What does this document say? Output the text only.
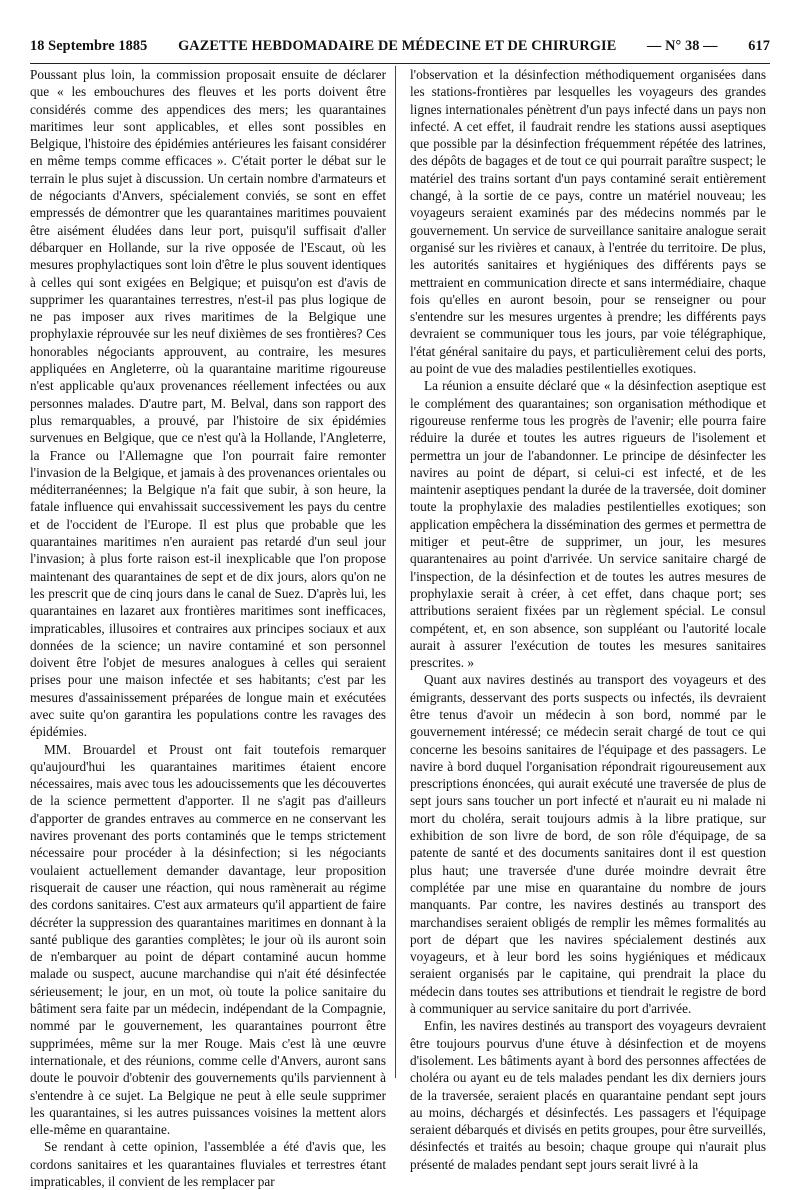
18 Septembre 1885 GAZETTE HEBDOMADAIRE DE MÉDECINE ET DE CHIRURGIE — N° 38 — 617

Poussant plus loin, la commission proposait ensuite de déclarer que « les embouchures des fleuves et les ports doivent être considérés comme des appendices des mers; les quarantaines maritimes leur sont applicables, et elles sont possibles en Belgique, l'histoire des épidémies antérieures les faisant considérer en même temps comme efficaces ». C'était porter le débat sur le terrain le plus sujet à discussion. Un certain nombre d'armateurs et de négociants d'Anvers, spécialement conviés, se sont en effet empressés de démontrer que les quarantaines maritimes pouvaient être aisément éludées dans leur port, puisqu'il suffisait d'aller débarquer en Hollande, sur la rive opposée de l'Escaut, où les mesures prophylactiques sont loin d'être le plus souvent identiques à celles qui sont exigées en Belgique; et puisqu'on est d'avis de supprimer les quarantaines terrestres, n'est-il pas plus logique de ne pas imposer aux rives maritimes de la Belgique une prophylaxie réprouvée sur les neuf dixièmes de ses frontières? Ces honorables négociants approuvent, au contraire, les mesures appliquées en Angleterre, où la quarantaine maritime rigoureuse n'est applicable qu'aux provenances réellement infectées ou aux personnes malades. D'autre part, M. Belval, dans son rapport des plus remarquables, a prouvé, par l'histoire de six épidémies survenues en Belgique, que ce n'est qu'à la Hollande, l'Angleterre, la France ou l'Allemagne que l'on pourrait faire remonter l'invasion de la Belgique, et jamais à des provenances orientales ou méditerranéennes; la Belgique n'a fait que subir, à son heure, la fatale influence qui envahissait successivement les pays du centre et de l'occident de l'Europe. Il est plus que probable que les quarantaines maritimes n'en auraient pas retardé d'un seul jour l'invasion; à plus forte raison est-il inexplicable que l'on propose maintenant des quarantaines de sept et de dix jours, alors qu'on ne les prescrit que de cinq jours dans le canal de Suez. D'après lui, les quarantaines en lazaret aux frontières maritimes sont inefficaces, impraticables, illusoires et contraires aux principes sociaux et aux données de la science; un navire contaminé et son personnel doivent être l'objet de mesures analogues à celles qui seraient prises pour une maison infectée et ses habitants; c'est par les mesures d'assainissement préparées de longue main et exécutées avec suite qu'on garantira les populations contre les ravages des épidémies.

MM. Brouardel et Proust ont fait toutefois remarquer qu'aujourd'hui les quarantaines maritimes étaient encore nécessaires, mais avec tous les adoucissements que les découvertes de la science permettent d'apporter. Il ne s'agit pas d'ailleurs d'apporter de grandes entraves au commerce en ne conservant les navires provenant des ports contaminés que le temps strictement nécessaire pour procéder à la désinfection; si les négociants voulaient actuellement demander davantage, leur proposition risquerait de causer une réaction, qui nous ramènerait au régime des cordons sanitaires. C'est aux armateurs qu'il appartient de faire décréter la suppression des quarantaines maritimes en donnant à la santé publique des garanties complètes; le jour où ils auront soin de n'embarquer au point de départ contaminé aucun homme malade ou suspect, aucune marchandise qui n'ait été désinfectée sérieusement; le jour, en un mot, où toute la police sanitaire du bâtiment sera faite par un médecin, indépendant de la Compagnie, nommé par le gouvernement, les quarantaines pourront être supprimées, même sur la mer Rouge. Mais c'est là une œuvre internationale, et des réunions, comme celle d'Anvers, auront sans doute le pouvoir d'obtenir des gouvernements qu'ils parviennent à s'entendre à ce sujet. La Belgique ne peut à elle seule supprimer les quarantaines, si les autres puissances voisines la mettent alors elle-même en quarantaine.

Se rendant à cette opinion, l'assemblée a été d'avis que, les cordons sanitaires et les quarantaines fluviales et terrestres étant impraticables, il convient de les remplacer par

l'observation et la désinfection méthodiquement organisées dans les stations-frontières par lesquelles les voyageurs des grandes lignes internationales pénètrent d'un pays infecté dans un pays non infecté. A cet effet, il faudrait rendre les stations aussi aseptiques que possible par la désinfection fréquemment répétée des latrines, des dépôts de bagages et de tout ce qui pourrait paraître suspect; le matériel des trains sortant d'un pays contaminé serait entièrement changé, à la sortie de ce pays, contre un matériel nouveau; les voyageurs seraient examinés par des médecins nommés par le gouvernement. Un service de surveillance sanitaire analogue serait organisé sur les rivières et canaux, à l'entrée du territoire. De plus, les autorités sanitaires et hygiéniques des différents pays se mettraient en communication directe et sans intermédiaire, chaque fois qu'elles en auront besoin, pour se renseigner ou pour s'entendre sur les mesures urgentes à prendre; les différents pays devraient se communiquer tous les jours, par voie télégraphique, l'état général sanitaire du pays, et particulièrement celui des ports, au point de vue des maladies pestilentielles exotiques.

La réunion a ensuite déclaré que « la désinfection aseptique est le complément des quarantaines; son organisation méthodique et rigoureuse renferme tous les progrès de l'avenir; elle pourra faire réduire la durée et toutes les autres rigueurs de l'isolement et permettra un jour de l'abandonner. Le principe de désinfecter les navires au point de départ, si celui-ci est infecté, et de les maintenir aseptiques pendant la durée de la traversée, doit dominer toute la prophylaxie des maladies pestilentielles exotiques; son application empêchera la dissémination des germes et permettra de mitiger et peut-être de supprimer, un jour, les mesures quarantenaires au point d'arrivée. Un service sanitaire chargé de l'inspection, de la désinfection et de toutes les autres mesures de prophylaxie serait à créer, à cet effet, dans chaque port; ses attributions seraient fixées par un règlement spécial. Le consul compétent, et, en son absence, son suppléant ou l'autorité locale aurait à assurer l'exécution de toutes les mesures sanitaires prescrites. »

Quant aux navires destinés au transport des voyageurs et des émigrants, desservant des ports suspects ou infectés, ils devraient être tenus d'avoir un médecin à son bord, nommé par le gouvernement intéressé; ce médecin serait chargé de tout ce qui concerne les besoins sanitaires de l'équipage et des passagers. Le navire à bord duquel l'organisation répondrait rigoureusement aux prescriptions énoncées, qui aurait exécuté une traversée de plus de sept jours sans toucher un port infecté et n'aurait eu ni malade ni mort du choléra, serait toujours admis à la libre pratique, sur exhibition de son livre de bord, de son rôle d'équipage, de sa patente de santé et des documents sanitaires dont il est question plus haut; une traversée d'une durée moindre devrait être complétée par une mise en quarantaine du nombre de jours manquants. Par contre, les navires destinés au transport des marchandises seraient obligés de remplir les mêmes formalités au port de départ que les navires spécialement destinés aux voyageurs, et à leur bord les soins hygiéniques et médicaux seraient organisés par le capitaine, qui prendrait la place du médecin dans toutes ses attributions et tiendrait le registre de bord à communiquer au service sanitaire du port d'arrivée.

Enfin, les navires destinés au transport des voyageurs devraient être toujours pourvus d'une étuve à désinfection et de moyens d'isolement. Les bâtiments ayant à bord des personnes affectées de choléra ou ayant eu de tels malades pendant les dix derniers jours de la traversée, seraient placés en quarantaine pendant sept jours au moins, déchargés et désinfectés. Les passagers et l'équipage seraient débarqués et divisés en petits groupes, pour être surveillés, désinfectés et traités au besoin; chaque groupe qui n'aurait plus présenté de malades pendant sept jours serait livré à la
